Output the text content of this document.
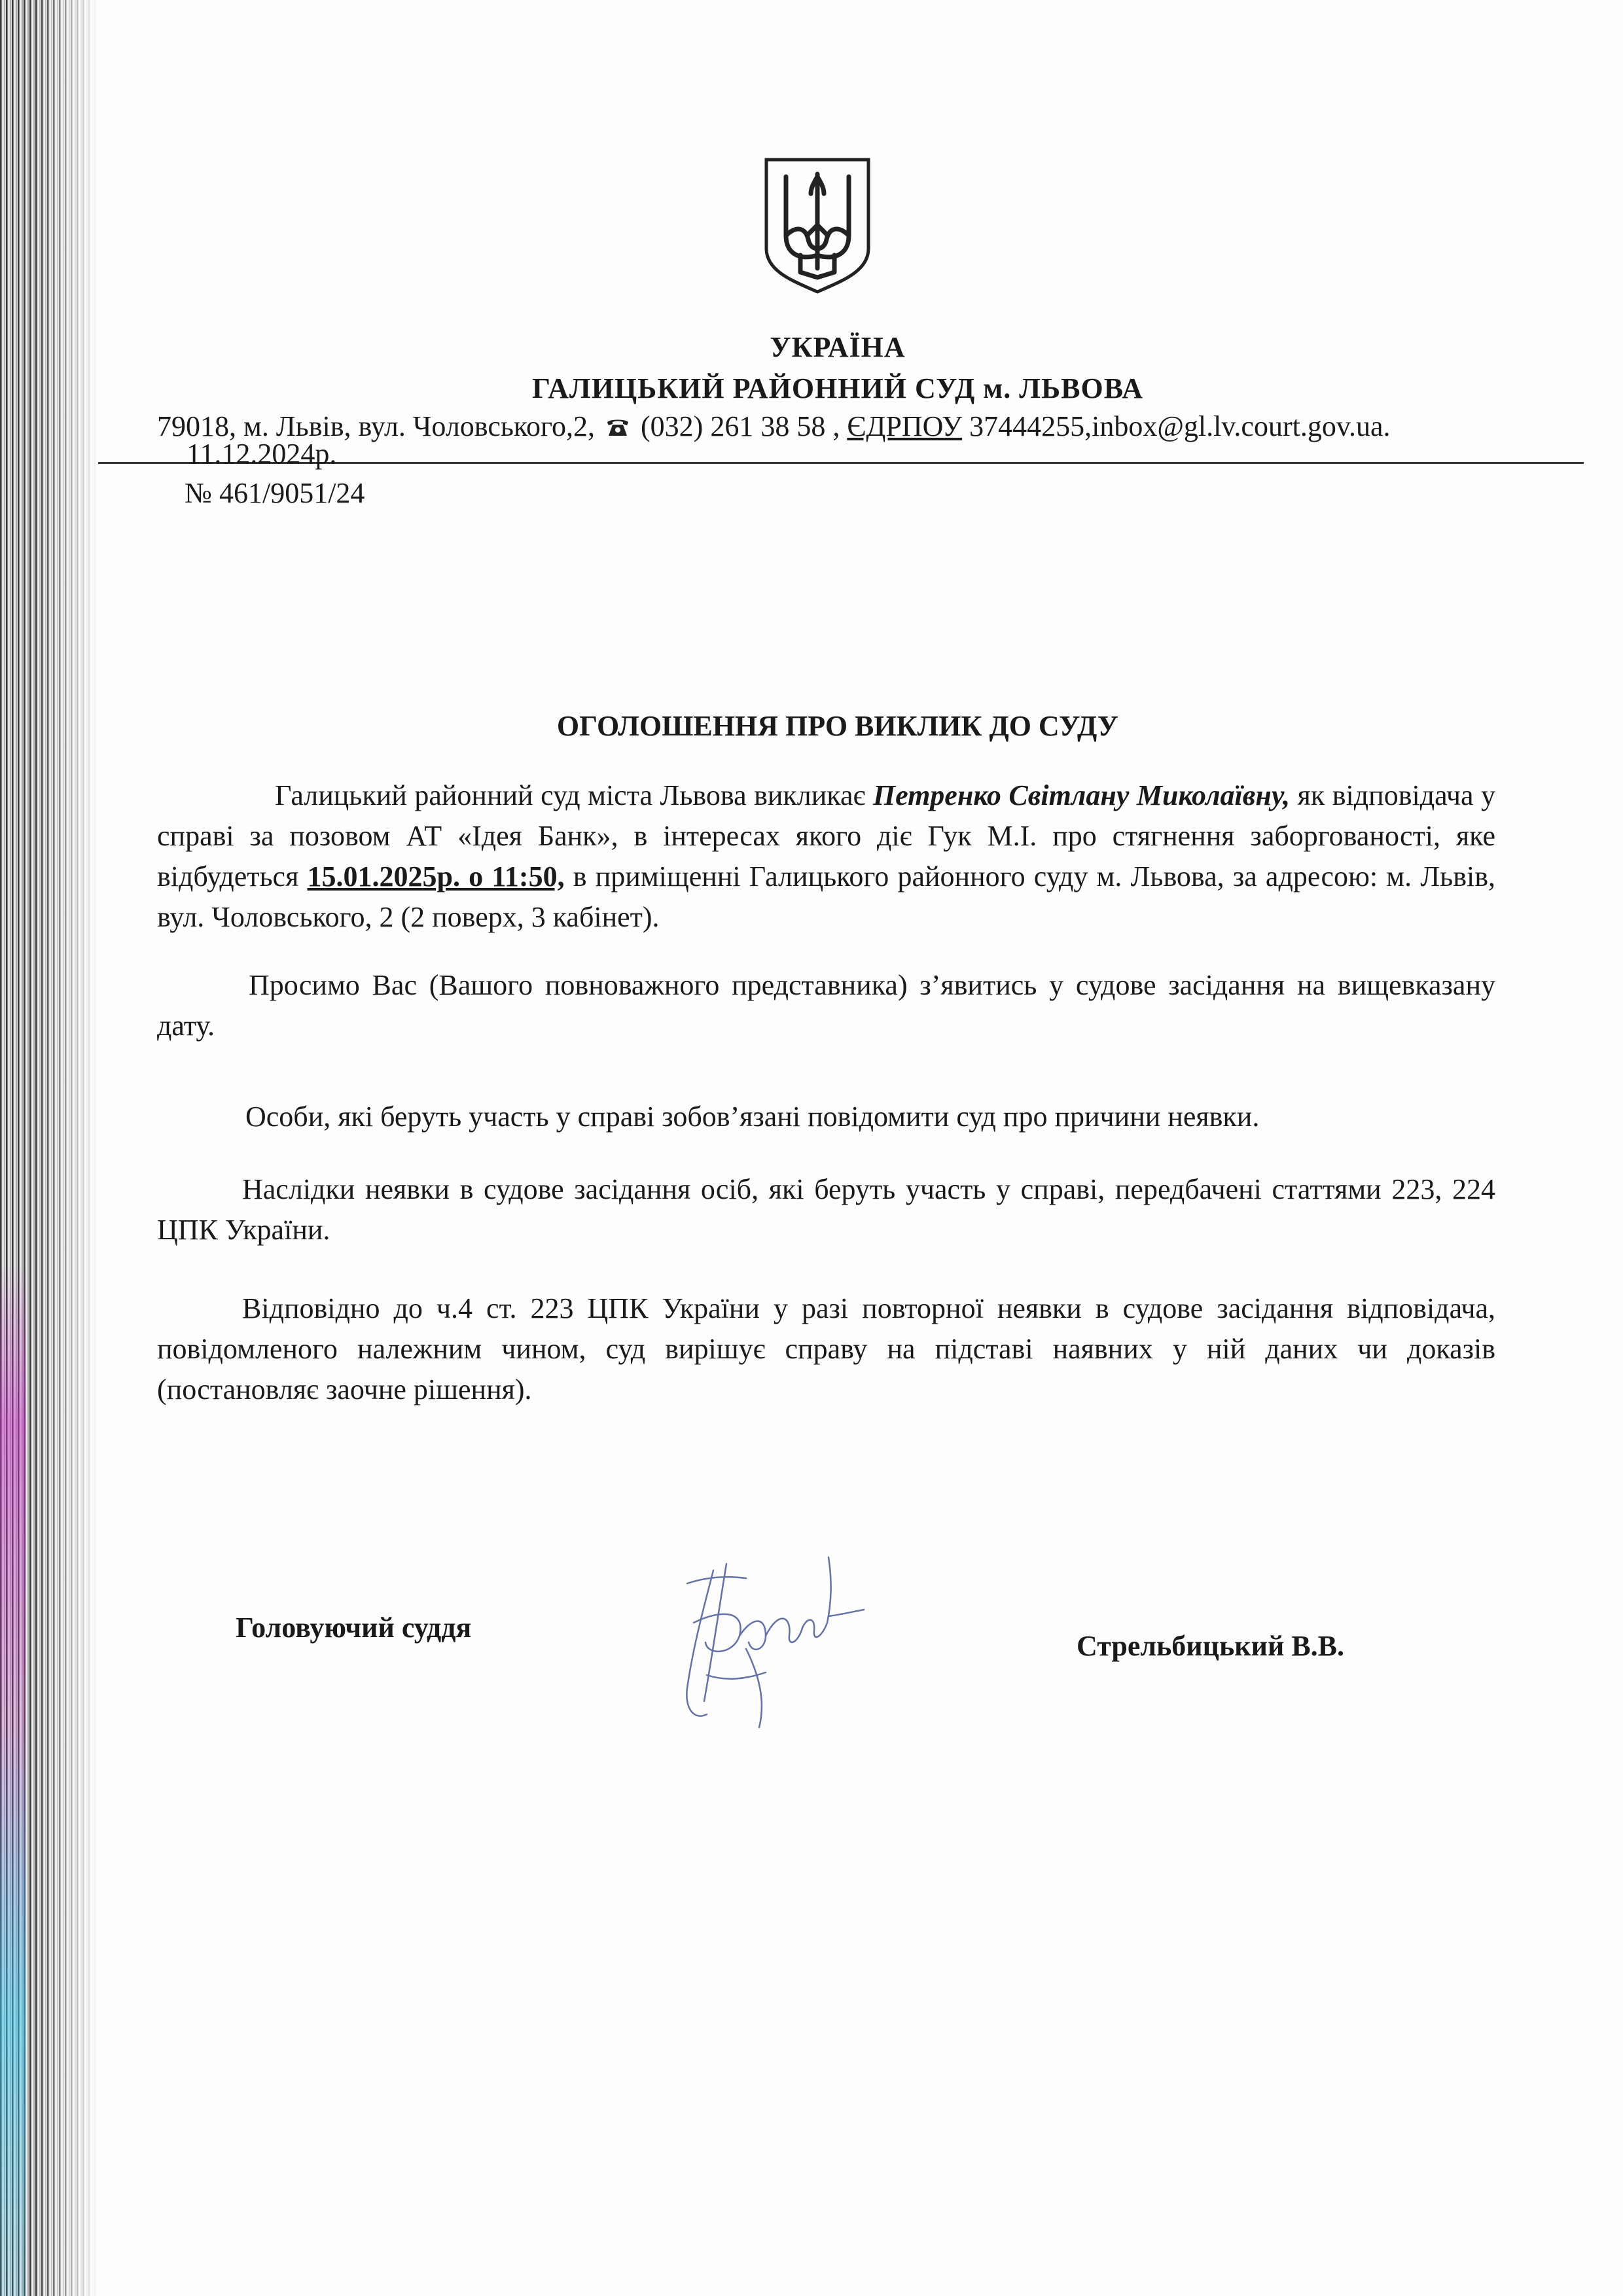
УКРАЇНА
ГАЛИЦЬКИЙ РАЙОННИЙ СУД м. ЛЬВОВА
79018, м. Львів, вул. Чоловського,2, (032) 261 38 58 , ЄДРПОУ 37444255,inbox@gl.lv.court.gov.ua.
11.12.2024р.
№ 461/9051/24
ОГОЛОШЕННЯ ПРО ВИКЛИК ДО СУДУ
Галицький районний суд міста Львова викликає Петренко Світлану Миколаївну, як відповідача у справі за позовом АТ «Ідея Банк», в інтересах якого діє Гук М.І. про стягнення заборгованості, яке відбудеться 15.01.2025р. о 11:50, в приміщенні Галицького районного суду м. Львова, за адресою: м. Львів, вул. Чоловського, 2 (2 поверх, 3 кабінет).
Просимо Вас (Вашого повноважного представника) з’явитись у судове засідання на вищевказану дату.
Особи, які беруть участь у справі зобов’язані повідомити суд про причини неявки.
Наслідки неявки в судове засідання осіб, які беруть участь у справі, передбачені статтями 223, 224 ЦПК України.
Відповідно до ч.4 ст. 223 ЦПК України у разі повторної неявки в судове засідання відповідача, повідомленого належним чином, суд вирішує справу на підставі наявних у ній даних чи доказів (постановляє заочне рішення).
Головуючий суддя
Стрельбицький В.В.
